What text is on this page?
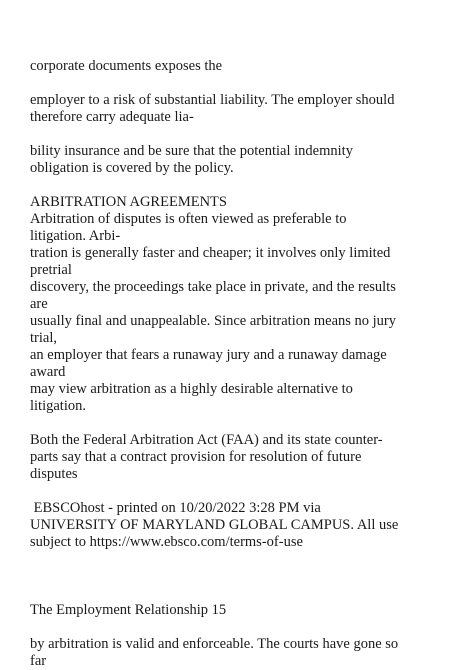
corporate documents exposes the
employer to a risk of substantial liability. The employer should
therefore carry adequate lia-
bility insurance and be sure that the potential indemnity
obligation is covered by the policy.
ARBITRATION AGREEMENTS
Arbitration of disputes is often viewed as preferable to
litigation. Arbi-
tration is generally faster and cheaper; it involves only limited
pretrial
discovery, the proceedings take place in private, and the results
are
usually final and unappealable. Since arbitration means no jury
trial,
an employer that fears a runaway jury and a runaway damage
award
may view arbitration as a highly desirable alternative to
litigation.
Both the Federal Arbitration Act (FAA) and its state counter-
parts say that a contract provision for resolution of future
disputes
EBSCOhost - printed on 10/20/2022 3:28 PM via
UNIVERSITY OF MARYLAND GLOBAL CAMPUS. All use
subject to https://www.ebsco.com/terms-of-use
The Employment Relationship 15
by arbitration is valid and enforceable. The courts have gone so
far
